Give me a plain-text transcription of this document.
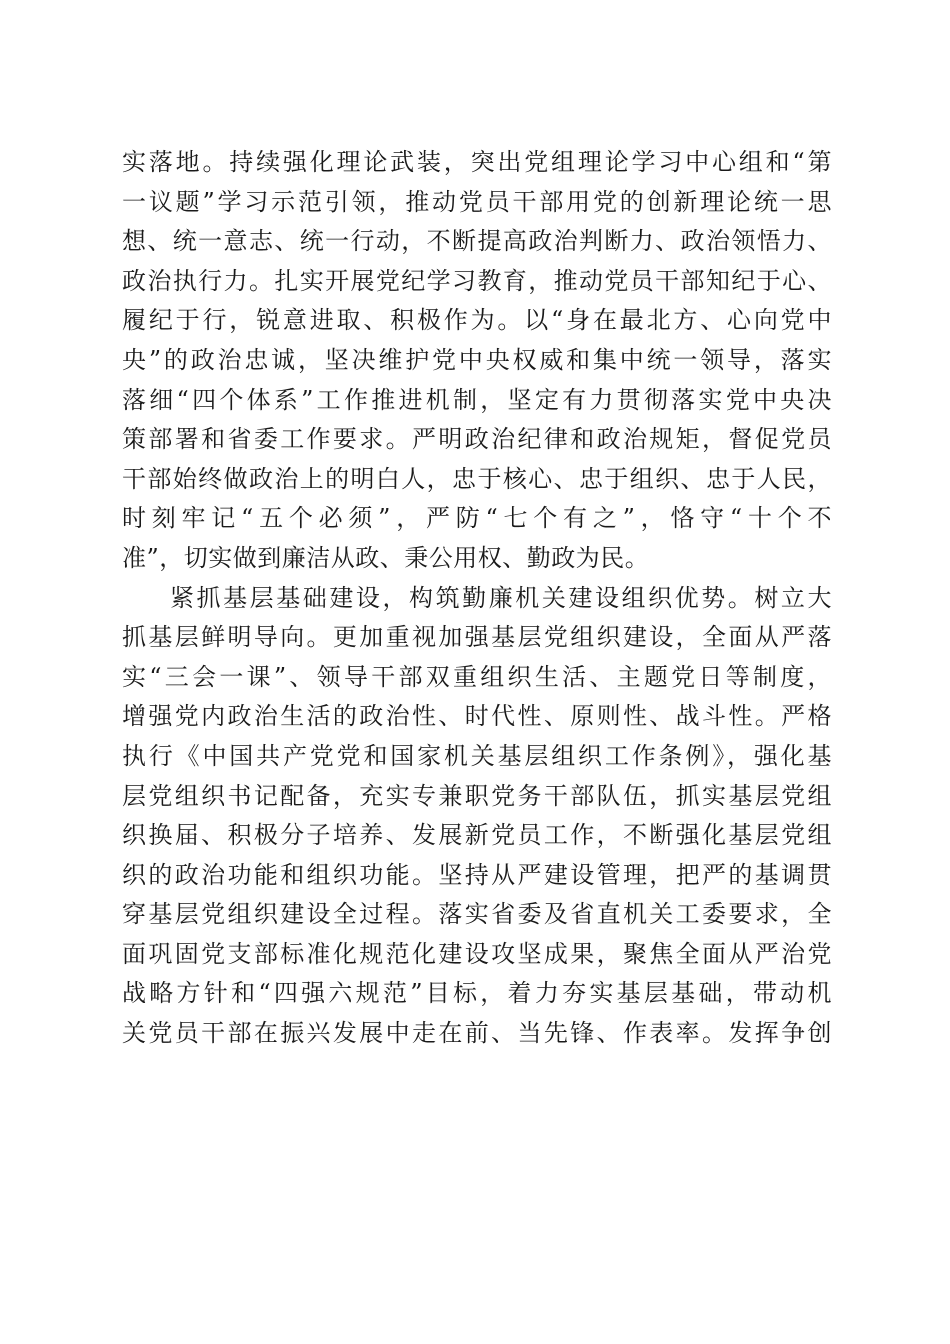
实落地。持续强化理论武装，突出党组理论学习中心组和“第
一议题”学习示范引领，推动党员干部用党的创新理论统一思
想、统一意志、统一行动，不断提高政治判断力、政治领悟力、
政治执行力。扎实开展党纪学习教育，推动党员干部知纪于心、
履纪于行，锐意进取、积极作为。以“身在最北方、心向党中
央”的政治忠诚，坚决维护党中央权威和集中统一领导，落实
落细“四个体系”工作推进机制，坚定有力贯彻落实党中央决
策部署和省委工作要求。严明政治纪律和政治规矩，督促党员
干部始终做政治上的明白人，忠于核心、忠于组织、忠于人民，
时刻牢记“五个必须”，严防“七个有之”，恪守“十个不
准”，切实做到廉洁从政、秉公用权、勤政为民。
紧抓基层基础建设，构筑勤廉机关建设组织优势。树立大
抓基层鲜明导向。更加重视加强基层党组织建设，全面从严落
实“三会一课”、领导干部双重组织生活、主题党日等制度，
增强党内政治生活的政治性、时代性、原则性、战斗性。严格
执行《中国共产党党和国家机关基层组织工作条例》，强化基
层党组织书记配备，充实专兼职党务干部队伍，抓实基层党组
织换届、积极分子培养、发展新党员工作，不断强化基层党组
织的政治功能和组织功能。坚持从严建设管理，把严的基调贯
穿基层党组织建设全过程。落实省委及省直机关工委要求，全
面巩固党支部标准化规范化建设攻坚成果，聚焦全面从严治党
战略方针和“四强六规范”目标，着力夯实基层基础，带动机
关党员干部在振兴发展中走在前、当先锋、作表率。发挥争创
